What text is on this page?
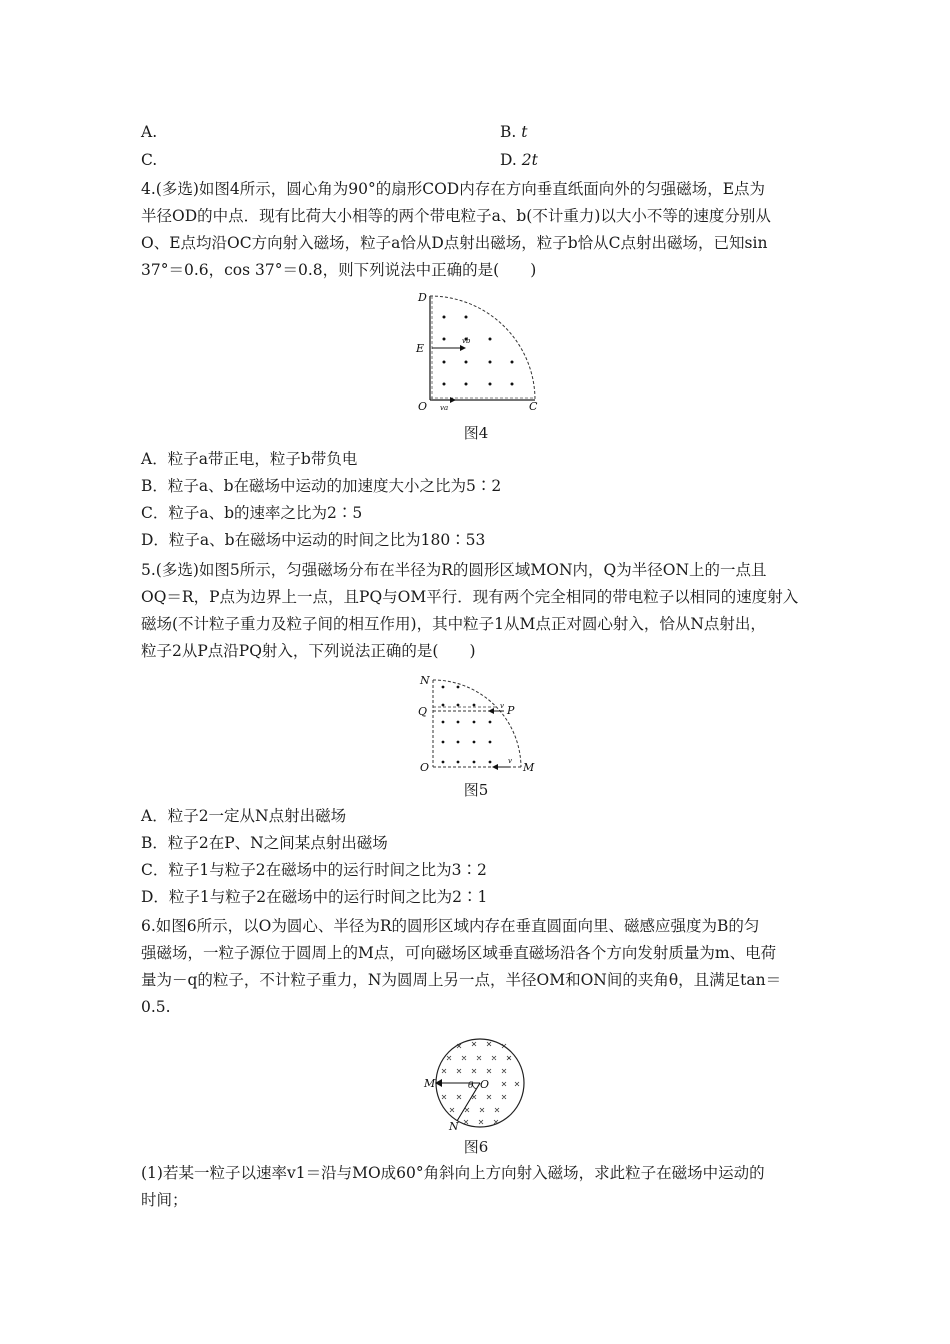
A.	B. t
C.	D. 2t
4.(多选)如图4所示，圆心角为90°的扇形COD内存在方向垂直纸面向外的匀强磁场，E点为
半径OD的中点．现有比荷大小相等的两个带电粒子a、b(不计重力)以大小不等的速度分别从
O、E点均沿OC方向射入磁场，粒子a恰从D点射出磁场，粒子b恰从C点射出磁场，已知sin
37°＝0.6，cos 37°＝0.8，则下列说法中正确的是(　　)
D
E
O	C
vb
va
图4
A．粒子a带正电，粒子b带负电
B．粒子a、b在磁场中运动的加速度大小之比为5∶2
C．粒子a、b的速率之比为2∶5
D．粒子a、b在磁场中运动的时间之比为180∶53
5.(多选)如图5所示，匀强磁场分布在半径为R的圆形区域MON内，Q为半径ON上的一点且
OQ＝R，P点为边界上一点，且PQ与OM平行．现有两个完全相同的带电粒子以相同的速度射入
磁场(不计粒子重力及粒子间的相互作用)，其中粒子1从M点正对圆心射入，恰从N点射出，
粒子2从P点沿PQ射入，下列说法正确的是(　　)
N
Q	P
O	M
v
v
图5
A．粒子2一定从N点射出磁场
B．粒子2在P、N之间某点射出磁场
C．粒子1与粒子2在磁场中的运行时间之比为3∶2
D．粒子1与粒子2在磁场中的运行时间之比为2∶1
6.如图6所示，以O为圆心、半径为R的圆形区域内存在垂直圆面向里、磁感应强度为B的匀
强磁场，一粒子源位于圆周上的M点，可向磁场区域垂直磁场沿各个方向发射质量为m、电荷
量为－q的粒子，不计粒子重力，N为圆周上另一点，半径OM和ON间的夹角θ，且满足tan＝
0.5.
M	O
θ
N
图6
(1)若某一粒子以速率v1＝沿与MO成60°角斜向上方向射入磁场，求此粒子在磁场中运动的
时间；
